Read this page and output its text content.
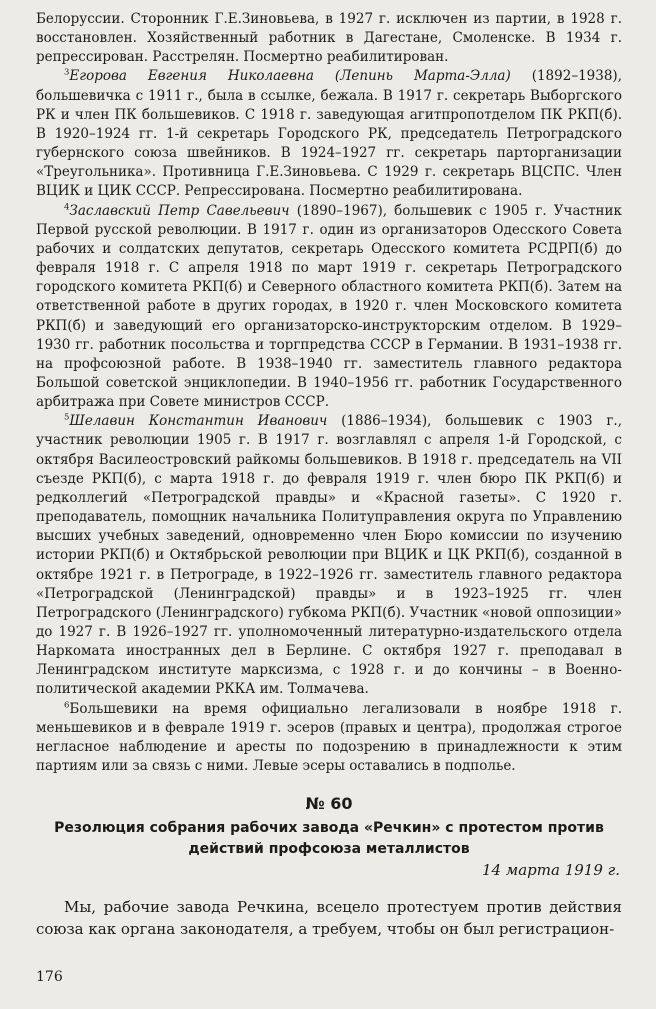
Белоруссии. Сторонник Г.Е.Зиновьева, в 1927 г. исключен из партии, в 1928 г. восстановлен. Хозяйственный работник в Дагестане, Смоленске. В 1934 г. репрессирован. Расстрелян. Посмертно реабилитирован.

$^3$Егорова Евгения Николаевна (Лепинь Марта-Элла) (1892–1938), большевичка с 1911 г., была в ссылке, бежала. В 1917 г. секретарь Выборгского РК и член ПК большевиков. С 1918 г. заведующая агитпропотделом ПК РКП(б). В 1920–1924 гг. 1-й секретарь Городского РК, председатель Петроградского губернского союза швейников. В 1924–1927 гг. секретарь парторганизации «Треугольника». Противница Г.Е.Зиновьева. С 1929 г. секретарь ВЦСПС. Член ВЦИК и ЦИК СССР. Репрессирована. Посмертно реабилитирована.

$^4$Заславский Петр Савельевич (1890–1967), большевик с 1905 г. Участник Первой русской революции. В 1917 г. один из организаторов Одесского Совета рабочих и солдатских депутатов, секретарь Одесского комитета РСДРП(б) до февраля 1918 г. С апреля 1918 по март 1919 г. секретарь Петроградского городского комитета РКП(б) и Северного областного комитета РКП(б). Затем на ответственной работе в других городах, в 1920 г. член Московского комитета РКП(б) и заведующий его организаторско-инструкторским отделом. В 1929–1930 гг. работник посольства и торгпредства СССР в Германии. В 1931–1938 гг. на профсоюзной работе. В 1938–1940 гг. заместитель главного редактора Большой советской энциклопедии. В 1940–1956 гг. работник Государственного арбитража при Совете министров СССР.

$^5$Шелавин Константин Иванович (1886–1934), большевик с 1903 г., участник революции 1905 г. В 1917 г. возглавлял с апреля 1-й Городской, с октября Василеостровский райкомы большевиков. В 1918 г. председатель на VII съезде РКП(б), с марта 1918 г. до февраля 1919 г. член бюро ПК РКП(б) и редколлегий «Петроградской правды» и «Красной газеты». С 1920 г. преподаватель, помощник начальника Политуправления округа по Управлению высших учебных заведений, одновременно член Бюро комиссии по изучению истории РКП(б) и Октябрьской революции при ВЦИК и ЦК РКП(б), созданной в октябре 1921 г. в Петрограде, в 1922–1926 гг. заместитель главного редактора «Петроградской (Ленинградской) правды» и в 1923–1925 гг. член Петроградского (Ленинградского) губкома РКП(б). Участник «новой оппозиции» до 1927 г. В 1926–1927 гг. уполномоченный литературно-издательского отдела Наркомата иностранных дел в Берлине. С октября 1927 г. преподавал в Ленинградском институте марксизма, с 1928 г. и до кончины – в Военно-политической академии РККА им. Толмачева.

$^6$Большевики на время официально легализовали в ноябре 1918 г. меньшевиков и в феврале 1919 г. эсеров (правых и центра), продолжая строгое негласное наблюдение и аресты по подозрению в принадлежности к этим партиям или за связь с ними. Левые эсеры оставались в подполье.

№ 60
Резолюция собрания рабочих завода «Речкин» с протестом против действий профсоюза металлистов
14 марта 1919 г.

Мы, рабочие завода Речкина, всецело протестуем против действия союза как органа законодателя, а требуем, чтобы он был регистрацион-

176
